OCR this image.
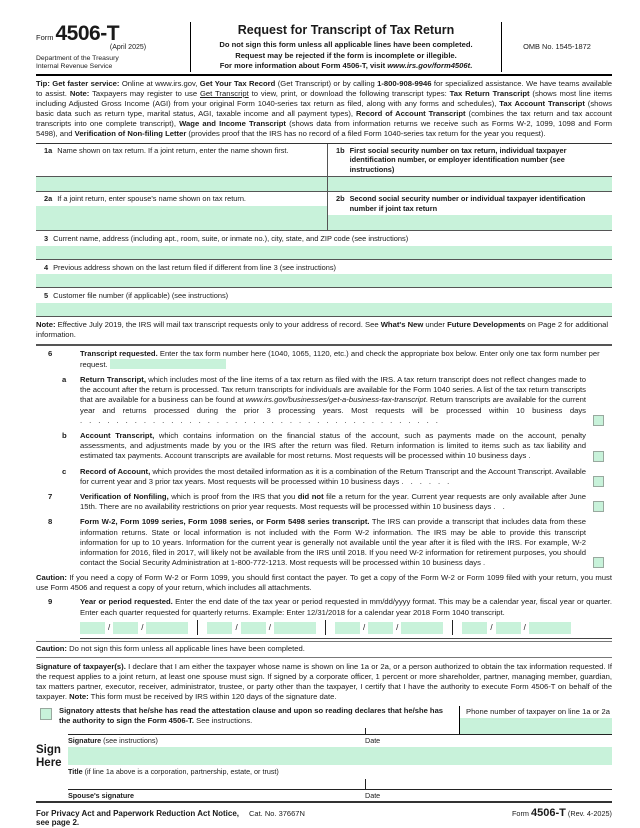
Form 4506-T
(April 2025)
Department of the Treasury
Internal Revenue Service
Request for Transcript of Tax Return
Do not sign this form unless all applicable lines have been completed.
Request may be rejected if the form is incomplete or illegible.
For more information about Form 4506-T, visit www.irs.gov/form4506t.
OMB No. 1545-1872
Tip: Get faster service: Online at www.irs.gov, Get Your Tax Record (Get Transcript) or by calling 1-800-908-9946 for specialized assistance. We have teams available to assist. Note: Taxpayers may register to use Get Transcript to view, print, or download the following transcript types: Tax Return Transcript (shows most line items including Adjusted Gross Income (AGI) from your original Form 1040-series tax return as filed, along with any forms and schedules), Tax Account Transcript (shows basic data such as return type, marital status, AGI, taxable income and all payment types), Record of Account Transcript (combines the tax return and tax account transcripts into one complete transcript), Wage and Income Transcript (shows data from information returns we receive such as Forms W-2, 1099, 1098 and Form 5498), and Verification of Non-filing Letter (provides proof that the IRS has no record of a filed Form 1040-series tax return for the year you request).
1a Name shown on tax return. If a joint return, enter the name shown first.	1b First social security number on tax return, individual taxpayer identification number, or employer identification number (see instructions)
2a If a joint return, enter spouse's name shown on tax return.	2b Second social security number or individual taxpayer identification number if joint tax return
3 Current name, address (including apt., room, suite, or inmate no.), city, state, and ZIP code (see instructions)
4 Previous address shown on the last return filed if different from line 3 (see instructions)
5 Customer file number (if applicable) (see instructions)
Note: Effective July 2019, the IRS will mail tax transcript requests only to your address of record. See What's New under Future Developments on Page 2 for additional information.
6	Transcript requested. Enter the tax form number here (1040, 1065, 1120, etc.) and check the appropriate box below. Enter only one tax form number per request.
a	Return Transcript, which includes most of the line items of a tax return as filed with the IRS. A tax return transcript does not reflect changes made to the account after the return is processed. Tax return transcripts for individuals are available for the Form 1040 series. A list of the tax return transcripts that are available for a business can be found at www.irs.gov/businesses/get-a-business-tax-transcript. Return transcripts are available for the current year and returns processed during the prior 3 processing years. Most requests will be processed within 10 business days ........................................
b	Account Transcript, which contains information on the financial status of the account, such as payments made on the account, penalty assessments, and adjustments made by you or the IRS after the return was filed. Return information is limited to items such as tax liability and estimated tax payments. Account transcripts are available for most returns. Most requests will be processed within 10 business days .
c	Record of Account, which provides the most detailed information as it is a combination of the Return Transcript and the Account Transcript. Available for current year and 3 prior tax years. Most requests will be processed within 10 business days ......
7	Verification of Nonfiling, which is proof from the IRS that you did not file a return for the year. Current year requests are only available after June 15th. There are no availability restrictions on prior year requests. Most requests will be processed within 10 business days ..
8	Form W-2, Form 1099 series, Form 1098 series, or Form 5498 series transcript. The IRS can provide a transcript that includes data from these information returns. State or local information is not included with the Form W-2 information. The IRS may be able to provide this transcript information for up to 10 years. Information for the current year is generally not available until the year after it is filed with the IRS. For example, W-2 information for 2016, filed in 2017, will likely not be available from the IRS until 2018. If you need W-2 information for retirement purposes, you should contact the Social Security Administration at 1-800-772-1213. Most requests will be processed within 10 business days .
Caution: If you need a copy of Form W-2 or Form 1099, you should first contact the payer. To get a copy of the Form W-2 or Form 1099 filed with your return, you must use Form 4506 and request a copy of your return, which includes all attachments.
9	Year or period requested. Enter the end date of the tax year or period requested in mm/dd/yyyy format. This may be a calendar year, fiscal year or quarter. Enter each quarter requested for quarterly returns. Example: Enter 12/31/2018 for a calendar year 2018 Form 1040 transcript.
/	/	/	/	/	/	/	/
Caution: Do not sign this form unless all applicable lines have been completed.
Signature of taxpayer(s). I declare that I am either the taxpayer whose name is shown on line 1a or 2a, or a person authorized to obtain the tax information requested. If the request applies to a joint return, at least one spouse must sign. If signed by a corporate officer, 1 percent or more shareholder, partner, managing member, guardian, tax matters partner, executor, receiver, administrator, trustee, or party other than the taxpayer, I certify that I have the authority to execute Form 4506-T on behalf of the taxpayer. Note: This form must be received by IRS within 120 days of the signature date.
Signatory attests that he/she has read the attestation clause and upon so reading declares that he/she has the authority to sign the Form 4506-T. See instructions.
Phone number of taxpayer on line 1a or 2a
Sign Here
Signature (see instructions)	Date
Title (if line 1a above is a corporation, partnership, estate, or trust)
Spouse's signature	Date
For Privacy Act and Paperwork Reduction Act Notice, see page 2.
Cat. No. 37667N	Form 4506-T (Rev. 4-2025)
